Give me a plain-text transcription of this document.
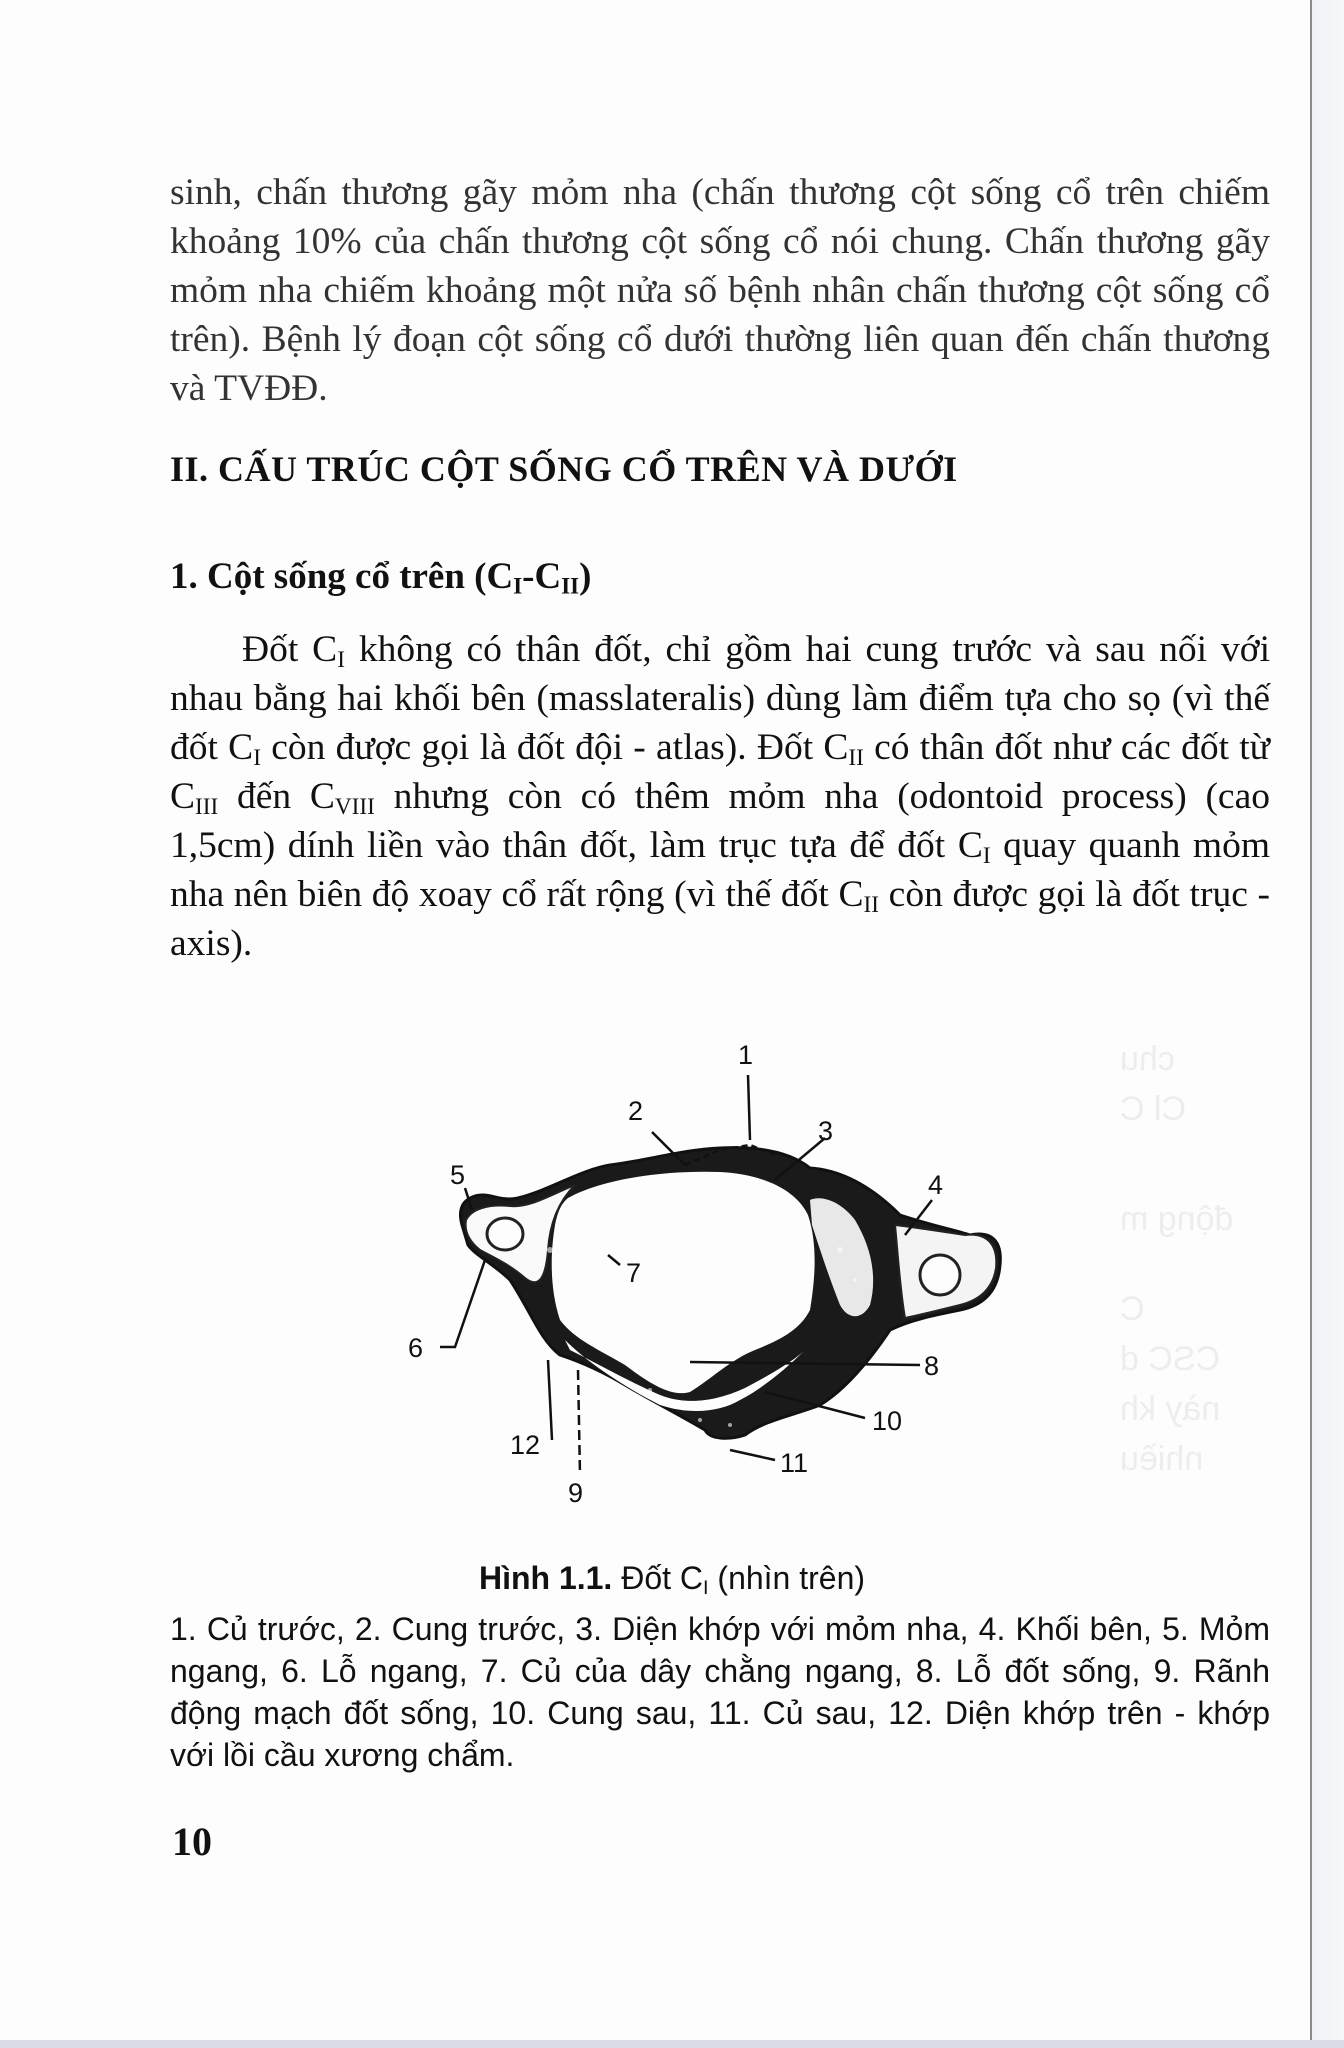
chu
Cl C
động m
C
CSC d
này kh
nhiều

sinh, chấn thương gãy mỏm nha (chấn thương cột sống cổ trên chiếm khoảng 10% của chấn thương cột sống cổ nói chung. Chấn thương gãy mỏm nha chiếm khoảng một nửa số bệnh nhân chấn thương cột sống cổ trên). Bệnh lý đoạn cột sống cổ dưới thường liên quan đến chấn thương và TVĐĐ.

II. CẤU TRÚC CỘT SỐNG CỔ TRÊN VÀ DƯỚI
1. Cột sống cổ trên $(C_I-C_{II})$

Đốt $C_I$ không có thân đốt, chỉ gồm hai cung trước và sau nối với nhau bằng hai khối bên (masslateralis) dùng làm điểm tựa cho sọ (vì thế đốt $C_I$ còn được gọi là đốt đội - atlas). Đốt $C_{II}$ có thân đốt như các đốt từ $C_{III}$ đến $C_{VIII}$ nhưng còn có thêm mỏm nha (odontoid process) (cao 1,5cm) dính liền vào thân đốt, làm trục tựa để đốt $C_I$ quay quanh mỏm nha nên biên độ xoay cổ rất rộng (vì thế đốt $C_{II}$ còn được gọi là đốt trục - axis).

1
2
3
4
5
6
7
8
9
10
11
12
Hình 1.1. Đốt $C_I$ (nhìn trên)

1. Củ trước, 2. Cung trước, 3. Diện khớp với mỏm nha, 4. Khối bên, 5. Mỏm ngang, 6. Lỗ ngang, 7. Củ của dây chằng ngang, 8. Lỗ đốt sống, 9. Rãnh động mạch đốt sống, 10. Cung sau, 11. Củ sau, 12. Diện khớp trên - khớp với lồi cầu xương chẩm.

10
